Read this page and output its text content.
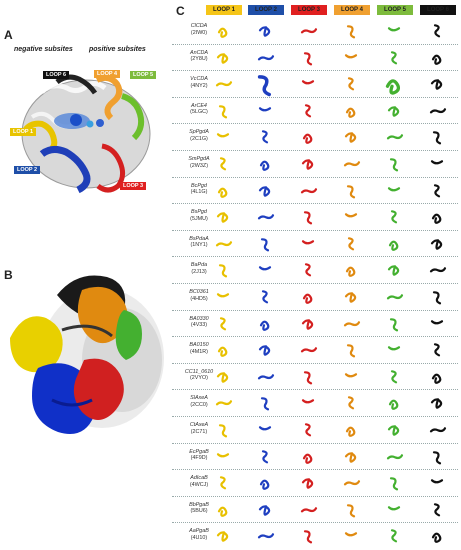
A
B
C
negative subsites positive subsites
LOOP 6	LOOP 4	LOOP 5
LOOP 1
LOOP 2
LOOP 3
LOOP 1	LOOP 2	LOOP 3	LOOP 4	LOOP 5	LOOP 6
ClCDA
(2IW0)
AnCDA
(2Y8U)
VcCDA
(4NY2)
ArCE4
(5LGC)
SpPgdA
(2C1G)
SmPgdA
(2W3Z)
BcPgd
(4L1G)
BsPgd
(5JMU)
BsPdaA
(1NY1)
BaPda
(2J13)
BC0361
(4HD5)
BA0330
(4V33)
BA0150
(4M1R)
CC11_0610
(2VYO)
SlAxeA
(2CC0)
CtAxeA
(2C71)
EcPgaB
(4F9D)
AdIcaB
(4WCJ)
BbPgaB
(5BU6)
AaPgaB
(4U10)
